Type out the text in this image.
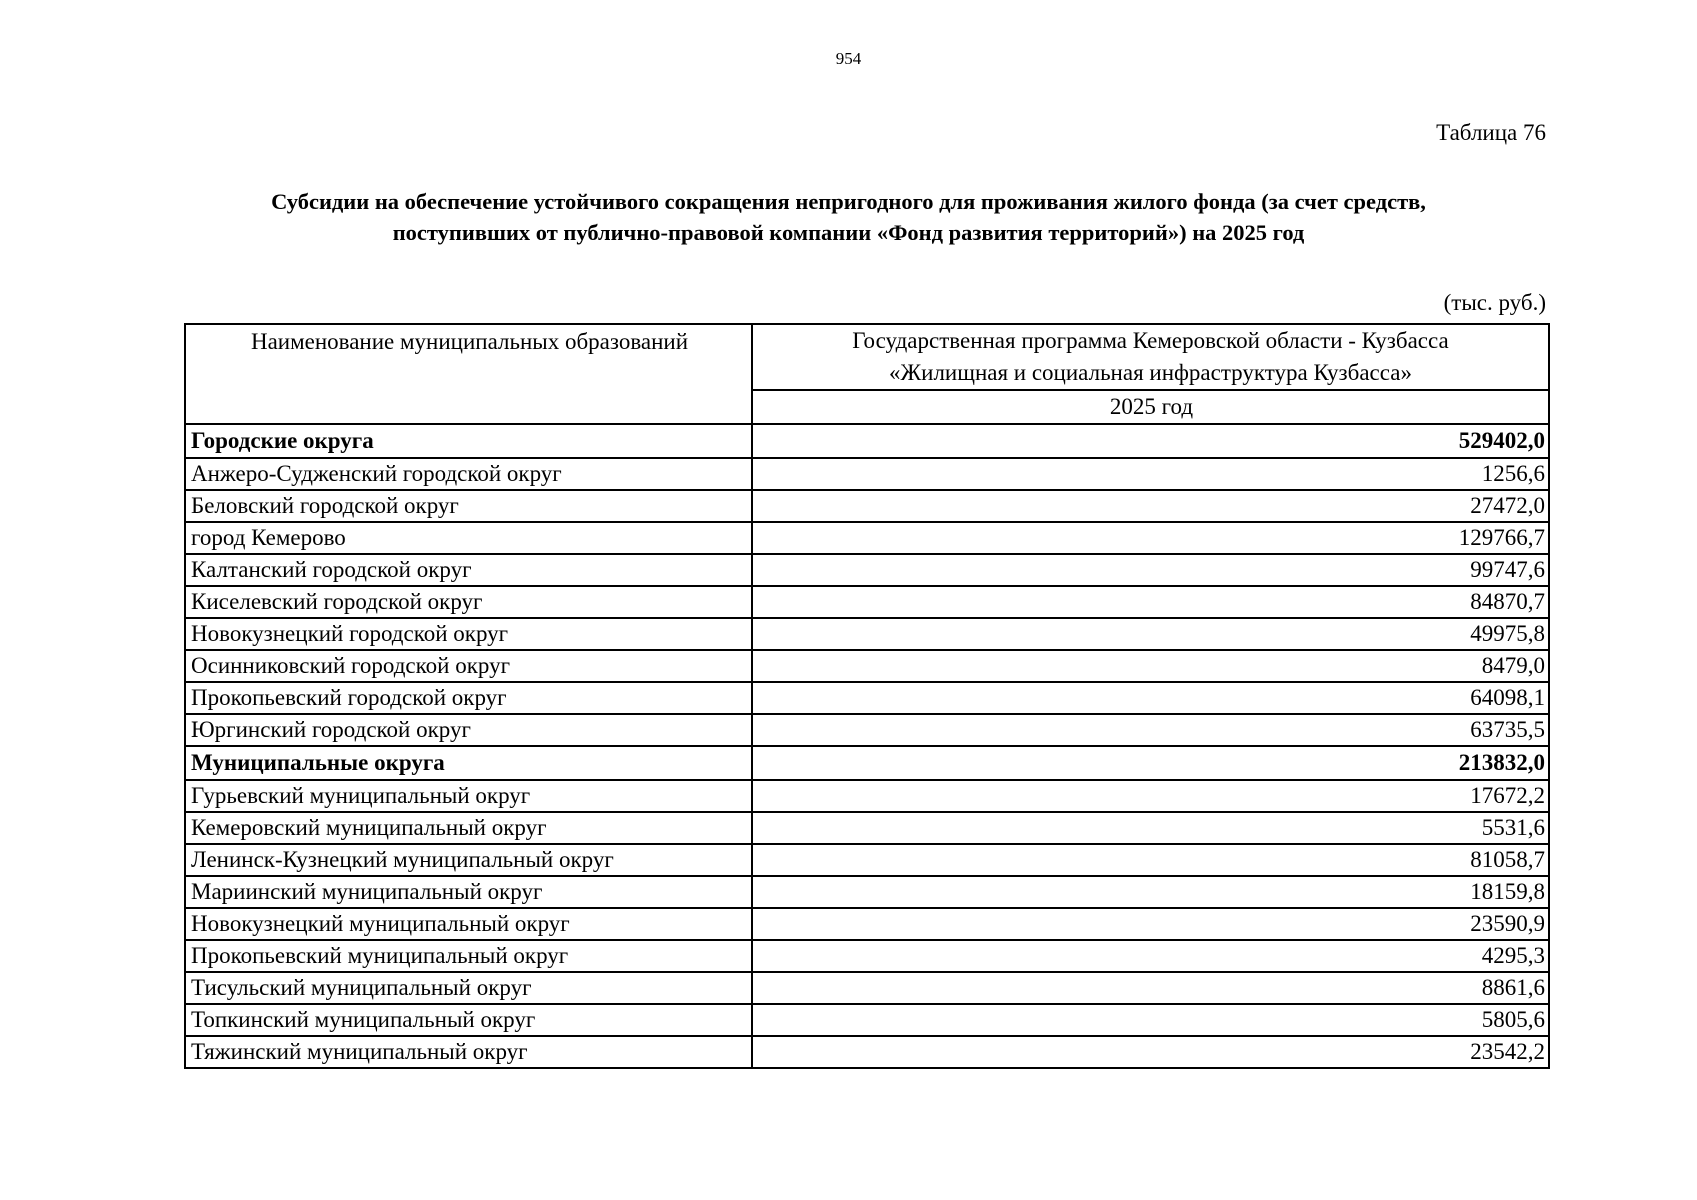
954
Таблица 76
Субсидии на обеспечение устойчивого сокращения непригодного для проживания жилого фонда (за счет средств,
поступивших от публично-правовой компании «Фонд развития территорий») на 2025 год
(тыс. руб.)
Наименование муниципальных образований	Государственная программа Кемеровской области - Кузбасса
«Жилищная и социальная инфраструктура Кузбасса»

	2025 год
Городские округа	529402,0
Анжеро-Судженский городской округ	1256,6
Беловский городской округ	27472,0
город Кемерово	129766,7
Калтанский городской округ	99747,6
Киселевский городской округ	84870,7
Новокузнецкий городской округ	49975,8
Осинниковский городской округ	8479,0
Прокопьевский городской округ	64098,1
Юргинский городской округ	63735,5
Муниципальные округа	213832,0
Гурьевский муниципальный округ	17672,2
Кемеровский муниципальный округ	5531,6
Ленинск-Кузнецкий муниципальный округ	81058,7
Мариинский муниципальный округ	18159,8
Новокузнецкий муниципальный округ	23590,9
Прокопьевский муниципальный округ	4295,3
Тисульский муниципальный округ	8861,6
Топкинский муниципальный округ	5805,6
Тяжинский муниципальный округ	23542,2
